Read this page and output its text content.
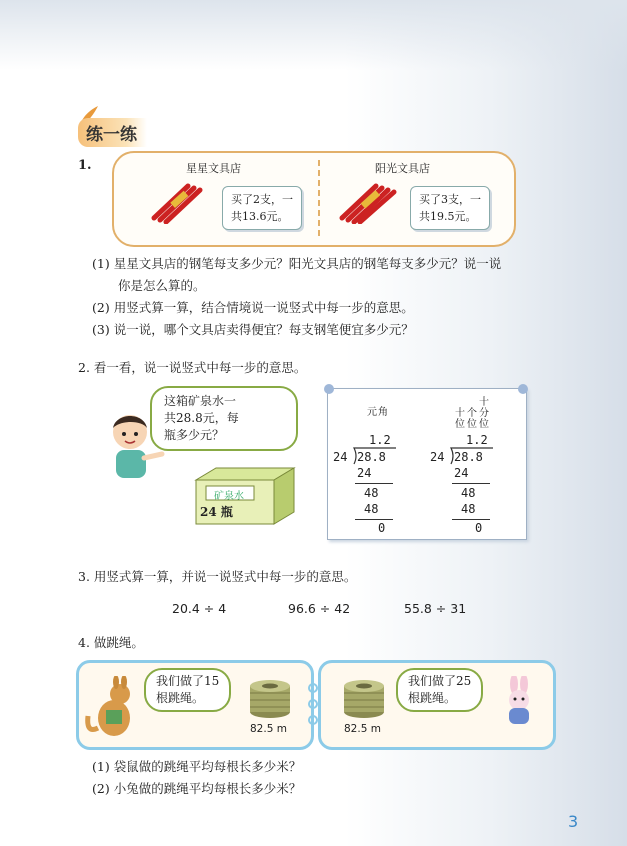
练一练
1.	星星文具店
买了2支，一
共13.6元。
阳光文具店
买了3支，一
共19.5元。
(1) 星星文具店的钢笔每支多少元？阳光文具店的钢笔每支多少元？说一说
你是怎么算的。
(2) 用竖式算一算，结合情境说一说竖式中每一步的意思。
(3) 说一说，哪个文具店卖得便宜？每支钢笔便宜多少元？
2. 看一看，说一说竖式中每一步的意思。
这箱矿泉水一
共28.8元，每
瓶多少元？
矿泉水
24 瓶
元 角
1.2
24 28.8
24
48
48
0
十
十 个 分
位 位 位
1.2
24 28.8
24
48
48
0
3. 用竖式算一算，并说一说竖式中每一步的意思。
20.4 ÷ 4	96.6 ÷ 42	55.8 ÷ 31
4. 做跳绳。
我们做了15
根跳绳。
82.5 m	82.5 m
我们做了25
根跳绳。
(1) 袋鼠做的跳绳平均每根长多少米？
(2) 小兔做的跳绳平均每根长多少米？
3
